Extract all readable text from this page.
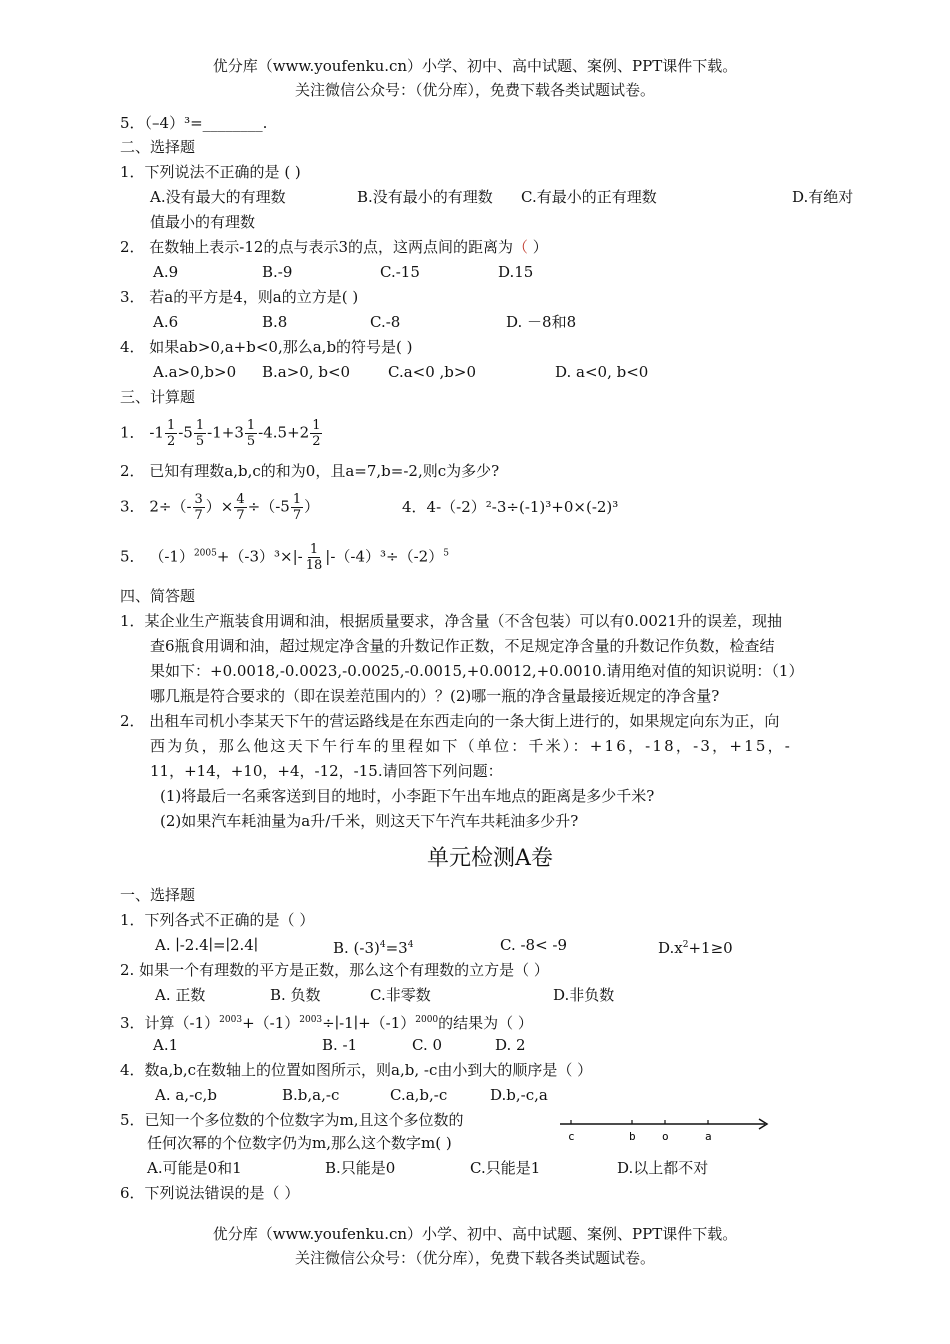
优分库（www.youfenku.cn）小学、初中、高中试题、案例、PPT课件下载。
关注微信公众号：（优分库），免费下载各类试题试卷。
5．（–4）³=________.
二、选择题
1．下列说法不正确的是 ( )
A.没有最大的有理数	B.没有最小的有理数 C.有最小的正有理数	D.有绝对
值最小的有理数
2． 在数轴上表示-12的点与表示3的点，这两点间的距离为（ ）
A.9	B.-9	C.-15	D.15
3． 若a的平方是4，则a的立方是( )
A.6	B.8	C.-8	D. －8和8
4． 如果ab>0,a+b<0,那么a,b的符号是( )
A.a>0,b>0 B.a>0, b<0	C.a<0 ,b>0	D. a<0, b<0
三、计算题
1． $-1 \frac{1}{2} -5 \frac{1}{5} -1+3 \frac{1}{5} -4.5+2 \frac{1}{2}$
2． 已知有理数a,b,c的和为0，且a=7,b=-2,则c为多少?
3． $2\div(- \frac{3}{7}$ ）× $\frac{4}{7} \div(-5 \frac{1}{7}$ ）	4．4-（-2）²-3÷(-1)³+0×(-2)³
5． $(-1)^{2005}+(-3)^3\times|- \frac{1}{18} |-(-4)^3\div(-2)^5$
四、简答题
1．某企业生产瓶装食用调和油，根据质量要求，净含量（不含包装）可以有0.0021升的误差，现抽
查6瓶食用调和油，超过规定净含量的升数记作正数，不足规定净含量的升数记作负数，检查结
果如下：+0.0018,-0.0023,-0.0025,-0.0015,+0.0012,+0.0010.请用绝对值的知识说明：（1）
哪几瓶是符合要求的（即在误差范围内的）？(2)哪一瓶的净含量最接近规定的净含量?
2． 出租车司机小李某天下午的营运路线是在东西走向的一条大街上进行的，如果规定向东为正，向
西为负，那么他这天下午行车的里程如下（单位：千米）：+16，-18，-3，+15，-
11，+14，+10，+4，-12，-15.请回答下列问题：
(1)将最后一名乘客送到目的地时，小李距下午出车地点的距离是多少千米?
(2)如果汽车耗油量为a升/千米，则这天下午汽车共耗油多少升?
单元检测A卷
一、选择题
1．下列各式不正确的是（ ）
A. ∣-2.4∣=∣2.4∣	B. $(-3)^4=3^4$	C. -8< -9	$D.x^2+1\ge 0$
2. 如果一个有理数的平方是正数，那么这个有理数的立方是（ ）
A. 正数	B. 负数	C.非零数	D.非负数
3．计算$(-1)^{2003}+(-1)^{2003}\div∣-1∣+(-1)^{2000}$的结果为（ ）
A.1	B. -1	C. 0	D. 2
4．数a,b,c在数轴上的位置如图所示，则a,b, -c由小到大的顺序是（ ）
A. a,-c,b	B.b,a,-c	C.a,b,-c	D.b,-c,a
5．已知一个多位数的个位数字为m,且这个多位数的
任何次幂的个位数字仍为m,那么这个数字m( )	c	b o	a
A.可能是0和1	B.只能是0	C.只能是1	D.以上都不对
6．下列说法错误的是（ ）
优分库（www.youfenku.cn）小学、初中、高中试题、案例、PPT课件下载。
关注微信公众号：（优分库），免费下载各类试题试卷。
